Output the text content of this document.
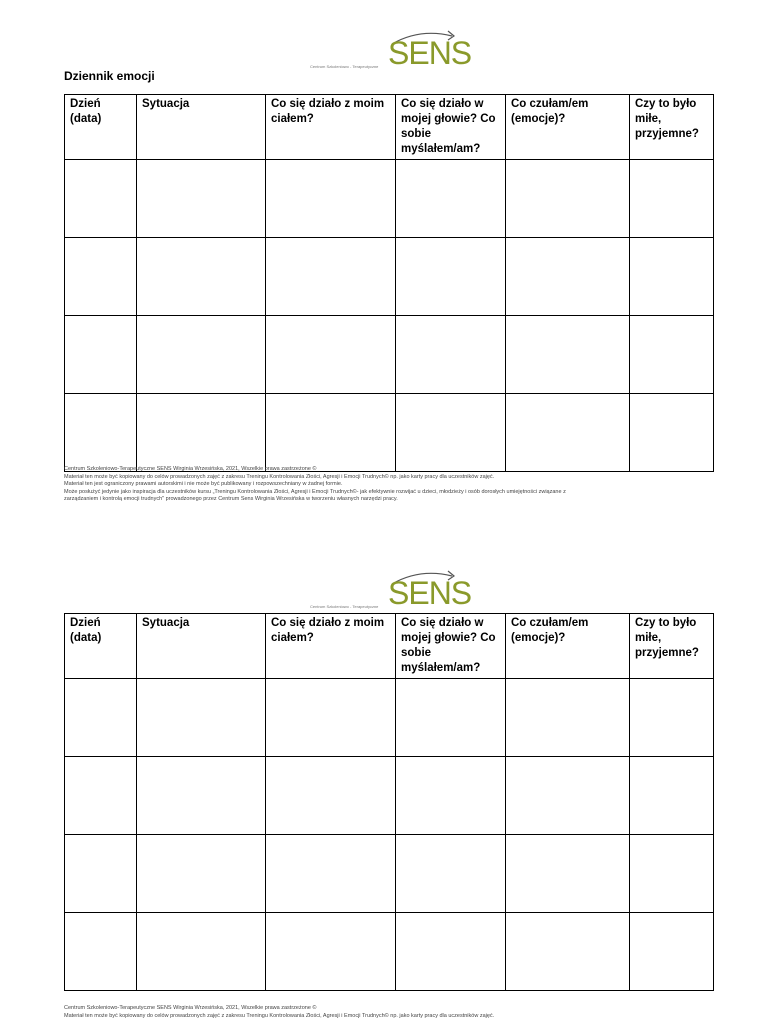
SENS
Centrum Szkoleniowo - Terapeutyczne
Dziennik emocji
Dzień (data)	Sytuacja	Co się działo z moim ciałem?	Co się działo w mojej głowie? Co sobie myślałem/am?	Co czułam/em (emocje)?	Czy to było miłe, przyjemne?

Centrum Szkoleniowo-Terapeutyczne SENS Wirginia Wrzesińska, 2021, Wszelkie prawa zastrzeżone ©

Materiał ten może być kopiowany do celów prowadzonych zajęć z zakresu Treningu Kontrolowania Złości, Agresji i Emocji Trudnych© np. jako karty pracy dla uczestników zajęć.

Materiał ten jest ograniczony prawami autorskimi i nie może być publikowany i rozpowszechniany w żadnej formie.

Może posłużyć jedynie jako inspiracja dla uczestników kursu „Treningu Kontrolowania Złości, Agresji i Emocji Trudnych©- jak efektywnie rozwijać u dzieci, młodzieży i osób dorosłych umiejętności związane z

zarządzaniem i kontrolą emocji trudnych" prowadzonego przez Centrum Sens Wirginia Wrzesińska w tworzeniu własnych narzędzi pracy.

SENS
Centrum Szkoleniowo - Terapeutyczne
Dzień (data)	Sytuacja	Co się działo z moim ciałem?	Co się działo w mojej głowie? Co sobie myślałem/am?	Co czułam/em (emocje)?	Czy to było miłe, przyjemne?

Centrum Szkoleniowo-Terapeutyczne SENS Wirginia Wrzesińska, 2021, Wszelkie prawa zastrzeżone ©

Materiał ten może być kopiowany do celów prowadzonych zajęć z zakresu Treningu Kontrolowania Złości, Agresji i Emocji Trudnych© np. jako karty pracy dla uczestników zajęć.
